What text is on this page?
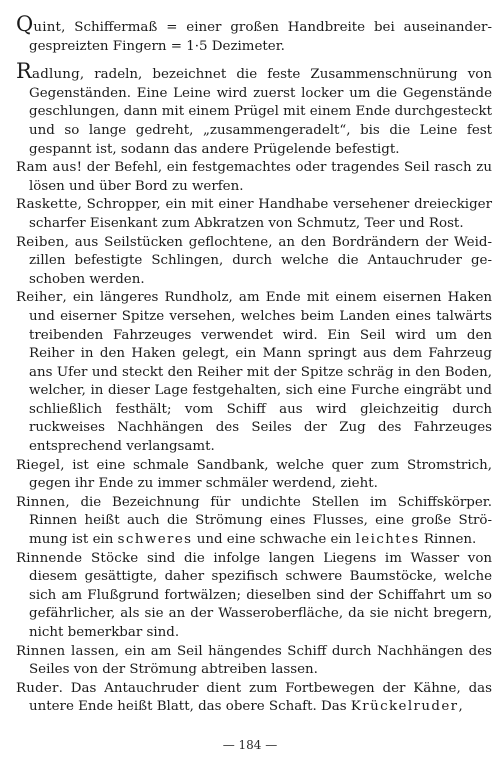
Quint, Schiffermaß = einer großen Handbreite bei auseinandergespreizten Fingern = 1·5 Dezimeter.

Radlung, radeln, bezeichnet die feste Zusammenschnürung von Gegenständen. Eine Leine wird zuerst locker um die Gegenstände geschlungen, dann mit einem Prügel mit einem Ende durchgesteckt und so lange gedreht, „zusammengeradelt“, bis die Leine fest gespannt ist, sodann das andere Prügelende befestigt.

Ram aus! der Befehl, ein festgemachtes oder tragendes Seil rasch zu lösen und über Bord zu werfen.

Raskette, Schropper, ein mit einer Handhabe versehener dreieckiger scharfer Eisenkant zum Abkratzen von Schmutz, Teer und Rost.

Reiben, aus Seilstücken geflochtene, an den Bordrändern der Weidzillen befestigte Schlingen, durch welche die Antauchruder geschoben werden.

Reiher, ein längeres Rundholz, am Ende mit einem eisernen Haken und eiserner Spitze versehen, welches beim Landen eines talwärts treibenden Fahrzeuges verwendet wird. Ein Seil wird um den Reiher in den Haken gelegt, ein Mann springt aus dem Fahrzeug ans Ufer und steckt den Reiher mit der Spitze schräg in den Boden, welcher, in dieser Lage festgehalten, sich eine Furche eingräbt und schließlich festhält; vom Schiff aus wird gleichzeitig durch ruckweises Nachhängen des Seiles der Zug des Fahrzeuges entsprechend verlangsamt.

Riegel, ist eine schmale Sandbank, welche quer zum Stromstrich, gegen ihr Ende zu immer schmäler werdend, zieht.

Rinnen, die Bezeichnung für undichte Stellen im Schiffskörper. Rinnen heißt auch die Strömung eines Flusses, eine große Strömung ist ein schweres und eine schwache ein leichtes Rinnen.

Rinnende Stöcke sind die infolge langen Liegens im Wasser von diesem gesättigte, daher spezifisch schwere Baumstöcke, welche sich am Flußgrund fortwälzen; dieselben sind der Schiffahrt um so gefährlicher, als sie an der Wasseroberfläche, da sie nicht bregern, nicht bemerkbar sind.

Rinnen lassen, ein am Seil hängendes Schiff durch Nachhängen des Seiles von der Strömung abtreiben lassen.

Ruder. Das Antauchruder dient zum Fortbewegen der Kähne, das untere Ende heißt Blatt, das obere Schaft. Das Krückelruder,

— 184 —
